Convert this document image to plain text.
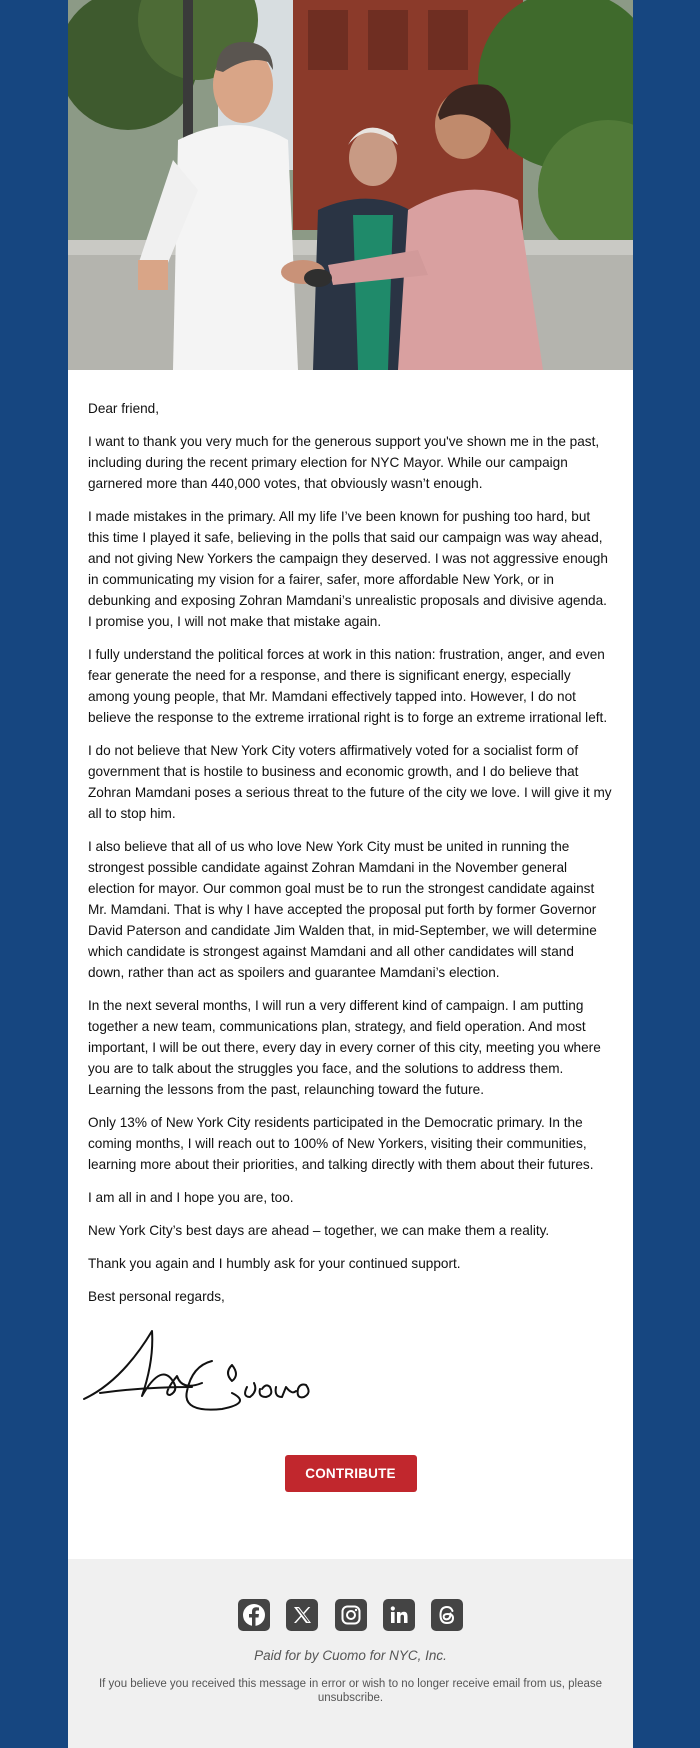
Dear friend,

I want to thank you very much for the generous support you've shown me in the past, including during the recent primary election for NYC Mayor. While our campaign garnered more than 440,000 votes, that obviously wasn’t enough.

I made mistakes in the primary. All my life I’ve been known for pushing too hard, but this time I played it safe, believing in the polls that said our campaign was way ahead, and not giving New Yorkers the campaign they deserved. I was not aggressive enough in communicating my vision for a fairer, safer, more affordable New York, or in debunking and exposing Zohran Mamdani’s unrealistic proposals and divisive agenda. I promise you, I will not make that mistake again.

I fully understand the political forces at work in this nation: frustration, anger, and even fear generate the need for a response, and there is significant energy, especially among young people, that Mr. Mamdani effectively tapped into. However, I do not believe the response to the extreme irrational right is to forge an extreme irrational left.

I do not believe that New York City voters affirmatively voted for a socialist form of government that is hostile to business and economic growth, and I do believe that Zohran Mamdani poses a serious threat to the future of the city we love. I will give it my all to stop him.

I also believe that all of us who love New York City must be united in running the strongest possible candidate against Zohran Mamdani in the November general election for mayor. Our common goal must be to run the strongest candidate against Mr. Mamdani. That is why I have accepted the proposal put forth by former Governor David Paterson and candidate Jim Walden that, in mid-September, we will determine which candidate is strongest against Mamdani and all other candidates will stand down, rather than act as spoilers and guarantee Mamdani’s election.

In the next several months, I will run a very different kind of campaign. I am putting together a new team, communications plan, strategy, and field operation. And most important, I will be out there, every day in every corner of this city, meeting you where you are to talk about the struggles you face, and the solutions to address them. Learning the lessons from the past, relaunching toward the future.

Only 13% of New York City residents participated in the Democratic primary. In the coming months, I will reach out to 100% of New Yorkers, visiting their communities, learning more about their priorities, and talking directly with them about their futures.

I am all in and I hope you are, too.

New York City’s best days are ahead – together, we can make them a reality.

Thank you again and I humbly ask for your continued support.

Best personal regards,

CONTRIBUTE

Paid for by Cuomo for NYC, Inc.
If you believe you received this message in error or wish to no longer receive email from us, please unsubscribe.
